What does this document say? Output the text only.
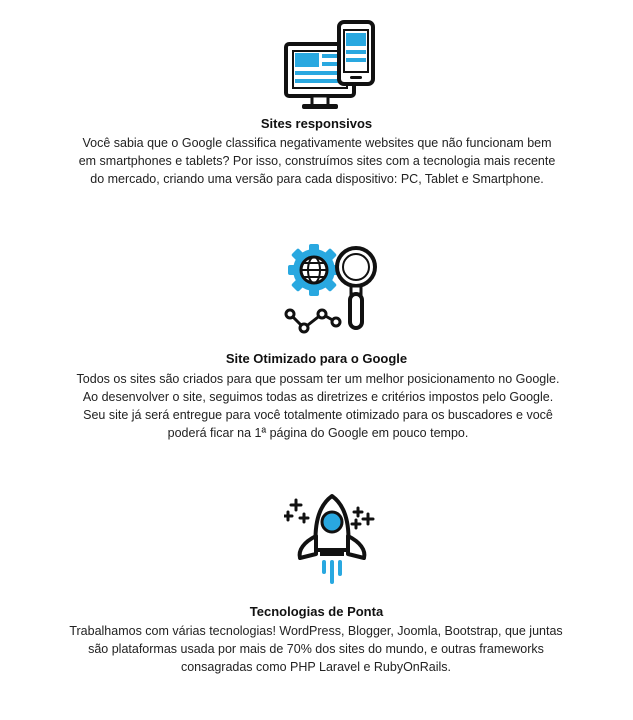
Sites responsivos
Você sabia que o Google classifica negativamente websites que não funcionam bem em smartphones e tablets? Por isso, construímos sites com a tecnologia mais recente do mercado, criando uma versão para cada dispositivo: PC, Tablet e Smartphone.
Site Otimizado para o Google
Todos os sites são criados para que possam ter um melhor posicionamento no Google. Ao desenvolver o site, seguimos todas as diretrizes e critérios impostos pelo Google. Seu site já será entregue para você totalmente otimizado para os buscadores e você poderá ficar na 1ª página do Google em pouco tempo.
Tecnologias de Ponta
Trabalhamos com várias tecnologias! WordPress, Blogger, Joomla, Bootstrap, que juntas são plataformas usada por mais de 70% dos sites do mundo, e outras frameworks consagradas como PHP Laravel e RubyOnRails.
